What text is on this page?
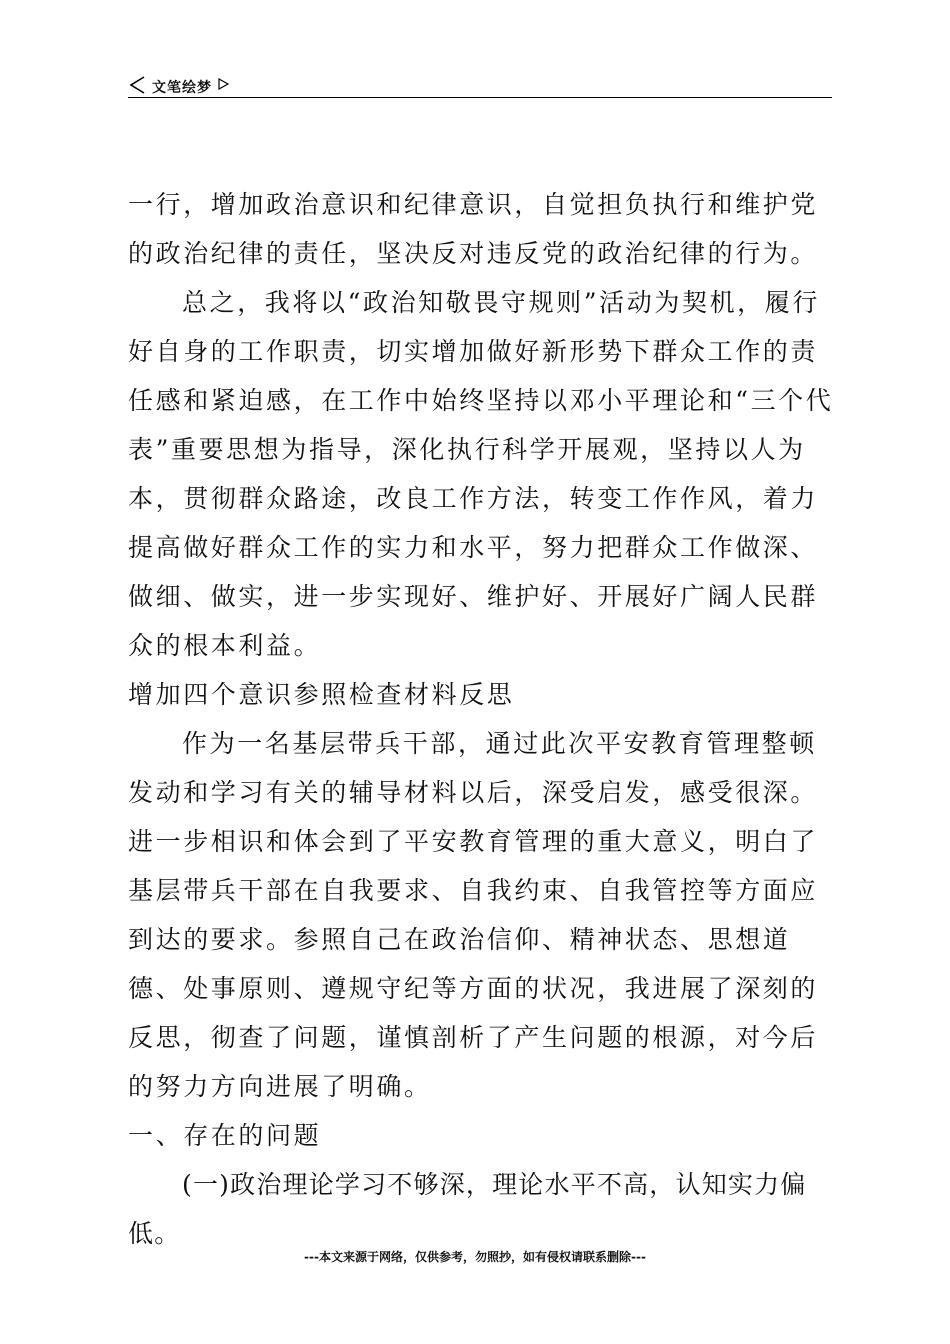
文笔绘梦

一行，增加政治意识和纪律意识，自觉担负执行和维护党的政治纪律的责任，坚决反对违反党的政治纪律的行为。

总之，我将以“政治知敬畏守规则”活动为契机，履行好自身的工作职责，切实增加做好新形势下群众工作的责任感和紧迫感，在工作中始终坚持以邓小平理论和“三个代表”重要思想为指导，深化执行科学开展观，坚持以人为本，贯彻群众路途，改良工作方法，转变工作作风，着力提高做好群众工作的实力和水平，努力把群众工作做深、做细、做实，进一步实现好、维护好、开展好广阔人民群众的根本利益。

增加四个意识参照检查材料反思

作为一名基层带兵干部，通过此次平安教育管理整顿发动和学习有关的辅导材料以后，深受启发，感受很深。进一步相识和体会到了平安教育管理的重大意义，明白了基层带兵干部在自我要求、自我约束、自我管控等方面应到达的要求。参照自己在政治信仰、精神状态、思想道德、处事原则、遵规守纪等方面的状况，我进展了深刻的反思，彻查了问题，谨慎剖析了产生问题的根源，对今后的努力方向进展了明确。

一、存在的问题

(一)政治理论学习不够深，理论水平不高，认知实力偏低。

---本文来源于网络，仅供参考，勿照抄，如有侵权请联系删除---
